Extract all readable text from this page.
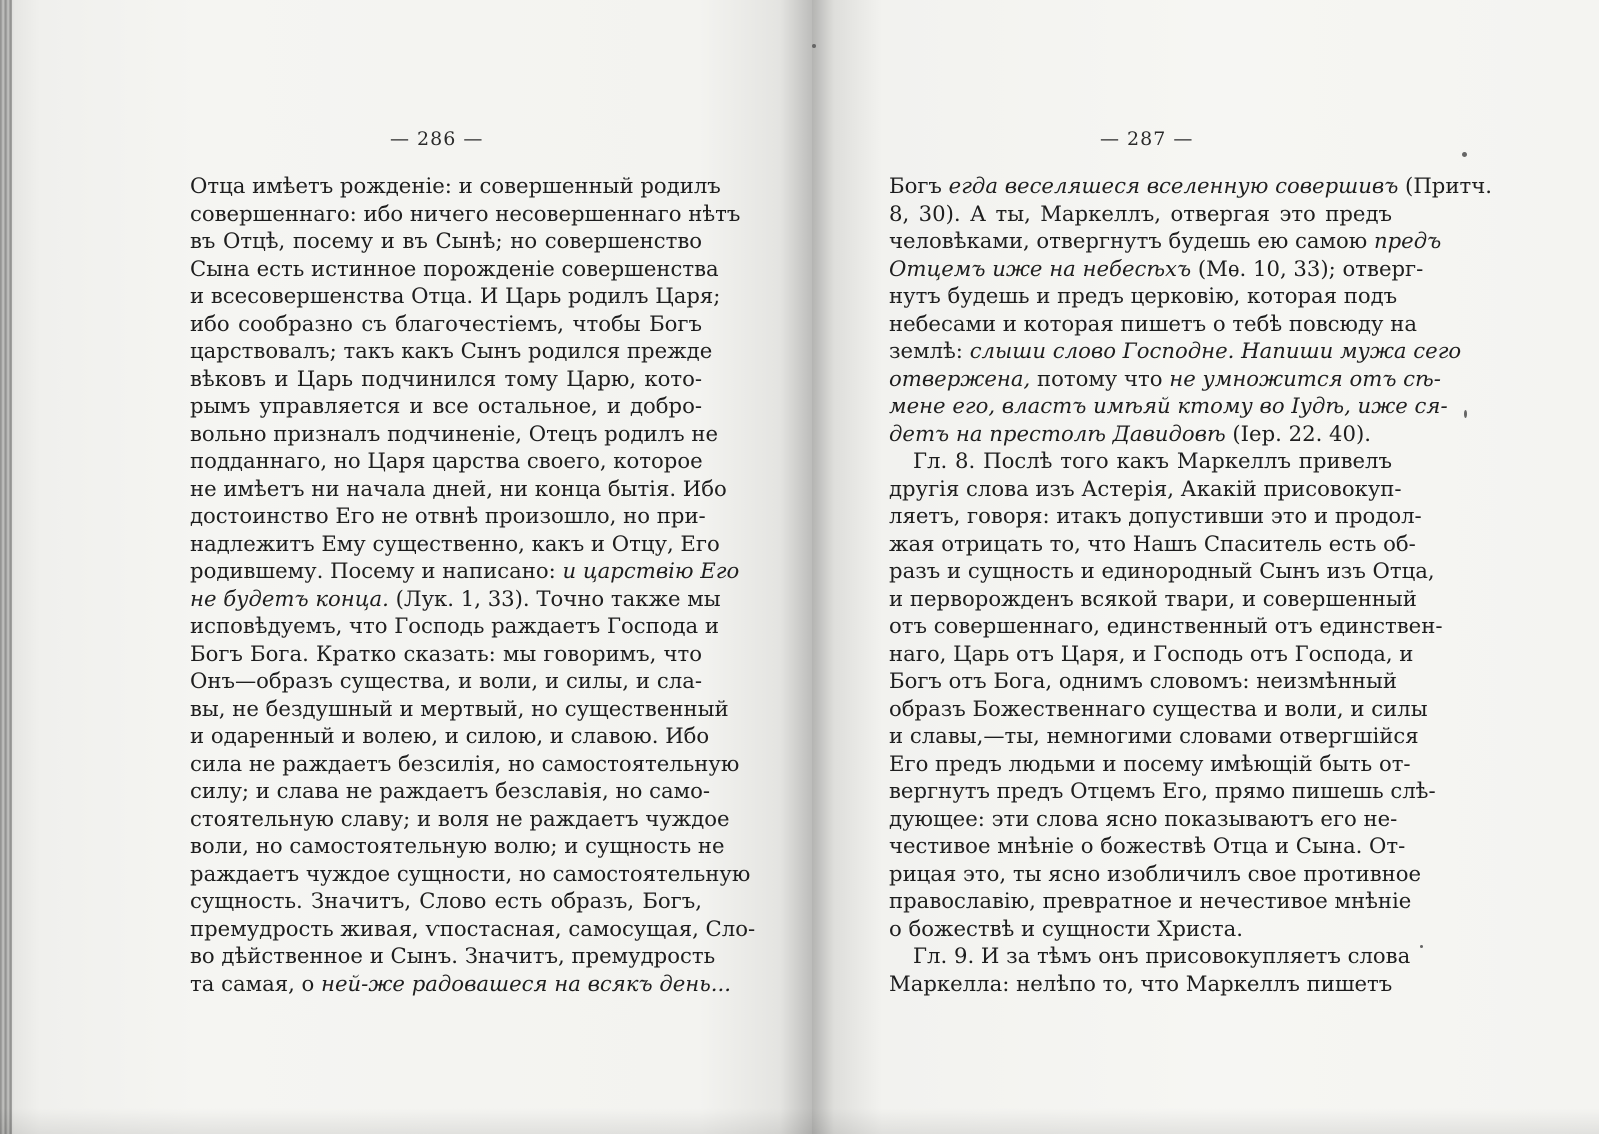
— 286 —
Отца имѣетъ рожденіе: и совершенный родилъ
совершеннаго: ибо ничего несовершеннаго нѣтъ
въ Отцѣ, посему и въ Сынѣ; но совершенство
Сына есть истинное порожденіе совершенства
и всесовершенства Отца. И Царь родилъ Царя;
ибо сообразно съ благочестіемъ, чтобы Богъ
царствовалъ; такъ какъ Сынъ родился прежде
вѣковъ и Царь подчинился тому Царю, кото-
рымъ управляется и все остальное, и добро-
вольно призналъ подчиненіе, Отецъ родилъ не
подданнаго, но Царя царства своего, которое
не имѣетъ ни начала дней, ни конца бытія. Ибо
достоинство Его не отвнѣ произошло, но при-
надлежитъ Ему существенно, какъ и Отцу, Его
родившему. Посему и написано: и царствію Его
не будетъ конца. (Лук. 1, 33). Точно также мы
исповѣдуемъ, что Господь раждаетъ Господа и
Богъ Бога. Кратко сказать: мы говоримъ, что
Онъ—образъ существа, и воли, и силы, и сла-
вы, не бездушный и мертвый, но существенный
и одаренный и волею, и силою, и славою. Ибо
сила не раждаетъ безсилія, но самостоятельную
силу; и слава не раждаетъ безславія, но само-
стоятельную славу; и воля не раждаетъ чуждое
воли, но самостоятельную волю; и сущность не
раждаетъ чуждое сущности, но самостоятельную
сущность. Значитъ, Слово есть образъ, Богъ,
премудрость живая, ѵпостасная, самосущая, Сло-
во дѣйственное и Сынъ. Значитъ, премудрость
та самая, о ней-же радовашеся на всякъ день...
— 287 —
Богъ егда веселяшеся вселенную совершивъ (Притч.
8, 30). А ты, Маркеллъ, отвергая это предъ
человѣками, отвергнутъ будешь ею самою предъ
Отцемъ иже на небесѣхъ (Мѳ. 10, 33); отверг-
нутъ будешь и предъ церковію, которая подъ
небесами и которая пишетъ о тебѣ повсюду на
землѣ: слыши слово Господне. Напиши мужа сего
отвержена, потому что не умножится отъ сѣ-
мене его, властъ имѣяй ктому во Іудѣ, иже ся-
детъ на престолѣ Давидовѣ (Іер. 22. 40).
Гл. 8. Послѣ того какъ Маркеллъ привелъ
другія слова изъ Астерія, Акакій присовокуп-
ляетъ, говоря: итакъ допустивши это и продол-
жая отрицать то, что Нашъ Спаситель есть об-
разъ и сущность и единородный Сынъ изъ Отца,
и перворожденъ всякой твари, и совершенный
отъ совершеннаго, единственный отъ единствен-
наго, Царь отъ Царя, и Господь отъ Господа, и
Богъ отъ Бога, однимъ словомъ: неизмѣнный
образъ Божественнаго существа и воли, и силы
и славы,—ты, немногими словами отвергшійся
Его предъ людьми и посему имѣющій быть от-
вергнутъ предъ Отцемъ Его, прямо пишешь слѣ-
дующее: эти слова ясно показываютъ его не-
честивое мнѣніе о божествѣ Отца и Сына. От-
рицая это, ты ясно изобличилъ свое противное
православію, превратное и нечестивое мнѣніе
о божествѣ и сущности Христа.
Гл. 9. И за тѣмъ онъ присовокупляетъ слова
Маркелла: нелѣпо то, что Маркеллъ пишетъ
